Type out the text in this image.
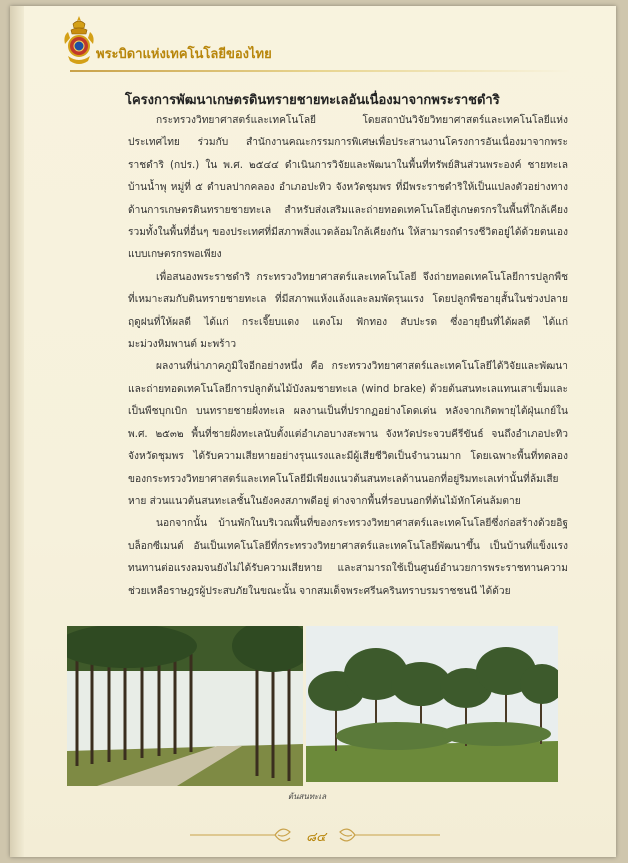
พระบิดาแห่งเทคโนโลยีของไทย
โครงการพัฒนาเกษตรดินทรายชายทะเลอันเนื่องมาจากพระราชดำริ

กระทรวงวิทยาศาสตร์และเทคโนโลยี โดยสถาบันวิจัยวิทยาศาสตร์และเทคโนโลยีแห่งประเทศไทย ร่วมกับ สำนักงานคณะกรรมการพิเศษเพื่อประสานงานโครงการอันเนื่องมาจากพระราชดำริ (กปร.) ใน พ.ศ. ๒๕๔๔ ดำเนินการวิจัยและพัฒนาในพื้นที่ทรัพย์สินส่วนพระองค์ ชายทะเลบ้านน้ำพุ หมู่ที่ ๕ ตำบลปากคลอง อำเภอปะทิว จังหวัดชุมพร ที่มีพระราชดำริให้เป็นแปลงตัวอย่างทางด้านการเกษตรดินทรายชายทะเล สำหรับส่งเสริมและถ่ายทอดเทคโนโลยีสู่เกษตรกรในพื้นที่ใกล้เคียง รวมทั้งในพื้นที่อื่นๆ ของประเทศที่มีสภาพสิ่งแวดล้อมใกล้เคียงกัน ให้สามารถดำรงชีวิตอยู่ได้ด้วยตนเอง แบบเกษตรกรพอเพียง

เพื่อสนองพระราชดำริ กระทรวงวิทยาศาสตร์และเทคโนโลยี จึงถ่ายทอดเทคโนโลยีการปลูกพืชที่เหมาะสมกับดินทรายชายทะเล ที่มีสภาพแห้งแล้งและลมพัดรุนแรง โดยปลูกพืชอายุสั้นในช่วงปลายฤดูฝนที่ให้ผลดี ได้แก่ กระเจี๊ยบแดง แตงโม ฟักทอง สับปะรด ซึ่งอายุยืนที่ได้ผลดี ได้แก่ มะม่วงหิมพานต์ มะพร้าว

ผลงานที่น่าภาคภูมิใจอีกอย่างหนึ่ง คือ กระทรวงวิทยาศาสตร์และเทคโนโลยีได้วิจัยและพัฒนา และถ่ายทอดเทคโนโลยีการปลูกต้นไม้บังลมชายทะเล (wind brake) ด้วยต้นสนทะเลแทนเสาเข็มและเป็นพืชบุกเบิก บนทรายชายฝั่งทะเล ผลงานเป็นที่ปรากฏอย่างโดดเด่น หลังจากเกิดพายุไต้ฝุ่นเกย์ใน พ.ศ. ๒๕๓๒ พื้นที่ชายฝั่งทะเลนับตั้งแต่อำเภอบางสะพาน จังหวัดประจวบคีรีขันธ์ จนถึงอำเภอปะทิว จังหวัดชุมพร ได้รับความเสียหายอย่างรุนแรงและมีผู้เสียชีวิตเป็นจำนวนมาก โดยเฉพาะพื้นที่ทดลองของกระทรวงวิทยาศาสตร์และเทคโนโลยีมีเพียงแนวต้นสนทะเลด้านนอกที่อยู่ริมทะเลเท่านั้นที่ล้มเสียหาย ส่วนแนวต้นสนทะเลชั้นในยังคงสภาพดีอยู่ ต่างจากพื้นที่รอบนอกที่ต้นไม้หักโค่นล้มตาย

นอกจากนั้น บ้านพักในบริเวณพื้นที่ของกระทรวงวิทยาศาสตร์และเทคโนโลยีซึ่งก่อสร้างด้วยอิฐบล็อกซีเมนต์ อันเป็นเทคโนโลยีที่กระทรวงวิทยาศาสตร์และเทคโนโลยีพัฒนาขึ้น เป็นบ้านที่แข็งแรงทนทานต่อแรงลมจนยังไม่ได้รับความเสียหาย และสามารถใช้เป็นศูนย์อำนวยการพระราชทานความช่วยเหลือราษฎรผู้ประสบภัยในขณะนั้น จากสมเด็จพระศรีนครินทราบรมราชชนนี ได้ด้วย

ต้นสนทะเล
๘๔
